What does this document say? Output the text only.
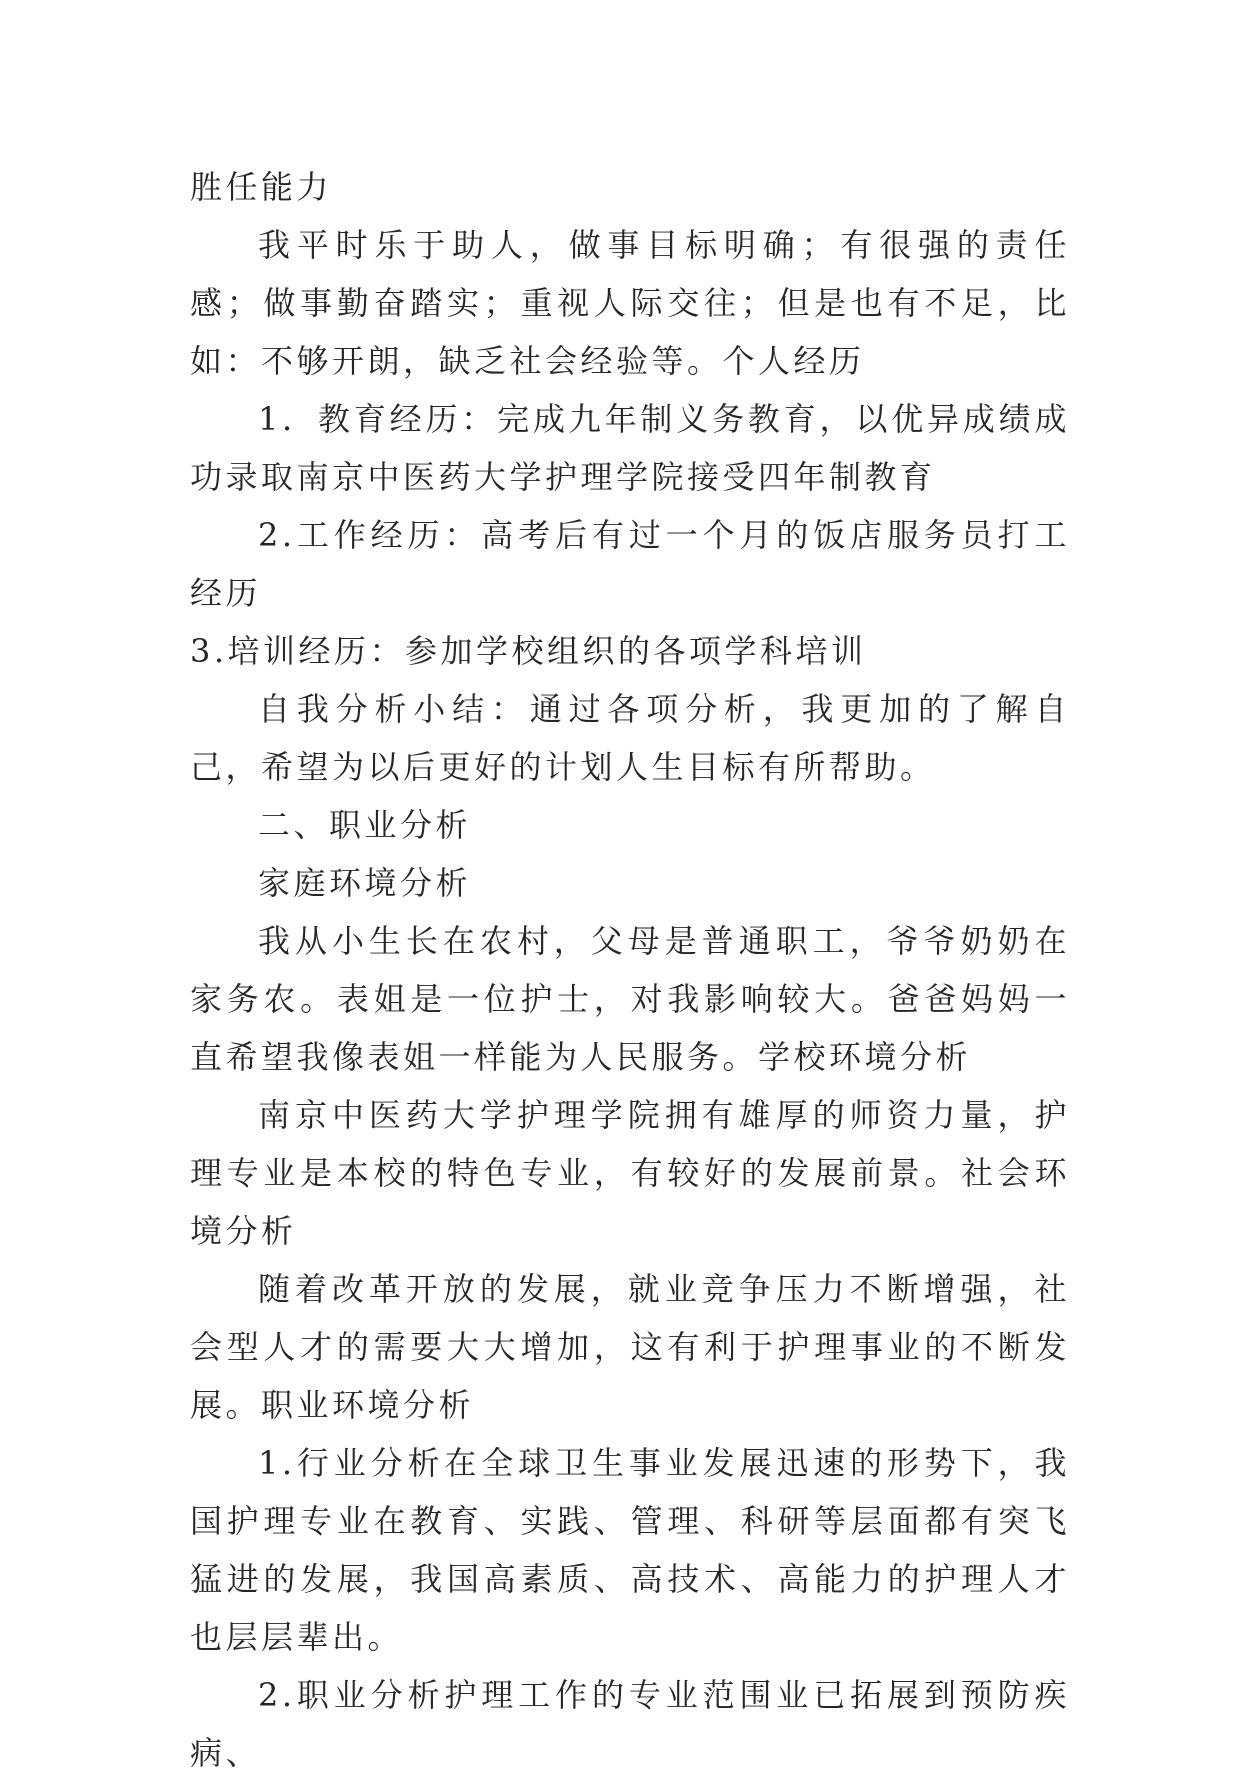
胜任能力

我平时乐于助人，做事目标明确；有很强的责任感；做事勤奋踏实；重视人际交往；但是也有不足，比如：不够开朗，缺乏社会经验等。个人经历

1．教育经历：完成九年制义务教育，以优异成绩成功录取南京中医药大学护理学院接受四年制教育

2.工作经历：高考后有过一个月的饭店服务员打工经历

3.培训经历：参加学校组织的各项学科培训

自我分析小结：通过各项分析，我更加的了解自己，希望为以后更好的计划人生目标有所帮助。

二、职业分析

家庭环境分析

我从小生长在农村，父母是普通职工，爷爷奶奶在家务农。表姐是一位护士，对我影响较大。爸爸妈妈一直希望我像表姐一样能为人民服务。学校环境分析

南京中医药大学护理学院拥有雄厚的师资力量，护理专业是本校的特色专业，有较好的发展前景。社会环境分析

随着改革开放的发展，就业竞争压力不断增强，社会型人才的需要大大增加，这有利于护理事业的不断发展。职业环境分析

1.行业分析在全球卫生事业发展迅速的形势下，我国护理专业在教育、实践、管理、科研等层面都有突飞猛进的发展，我国高素质、高技术、高能力的护理人才也层层辈出。

2.职业分析护理工作的专业范围业已拓展到预防疾病、
